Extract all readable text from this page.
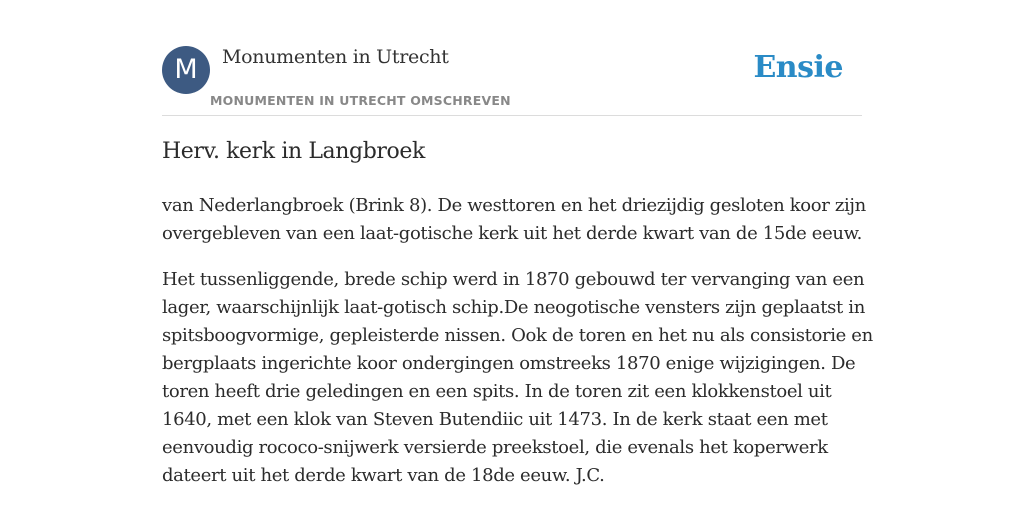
M	Monumenten in Utrecht
MONUMENTEN IN UTRECHT OMSCHREVEN
Ensie
Herv. kerk in Langbroek

van Nederlangbroek (Brink 8). De westtoren en het driezijdig gesloten koor zijn
overgebleven van een laat-gotische kerk uit het derde kwart van de 15de eeuw.

Het tussenliggende, brede schip werd in 1870 gebouwd ter vervanging van een
lager, waarschijnlijk laat-gotisch schip.De neogotische vensters zijn geplaatst in
spitsboogvormige, gepleisterde nissen. Ook de toren en het nu als consistorie en
bergplaats ingerichte koor ondergingen omstreeks 1870 enige wijzigingen. De
toren heeft drie geledingen en een spits. In de toren zit een klokkenstoel uit
1640, met een klok van Steven Butendiic uit 1473. In de kerk staat een met
eenvoudig rococo-snijwerk versierde preekstoel, die evenals het koperwerk
dateert uit het derde kwart van de 18de eeuw. J.C.
